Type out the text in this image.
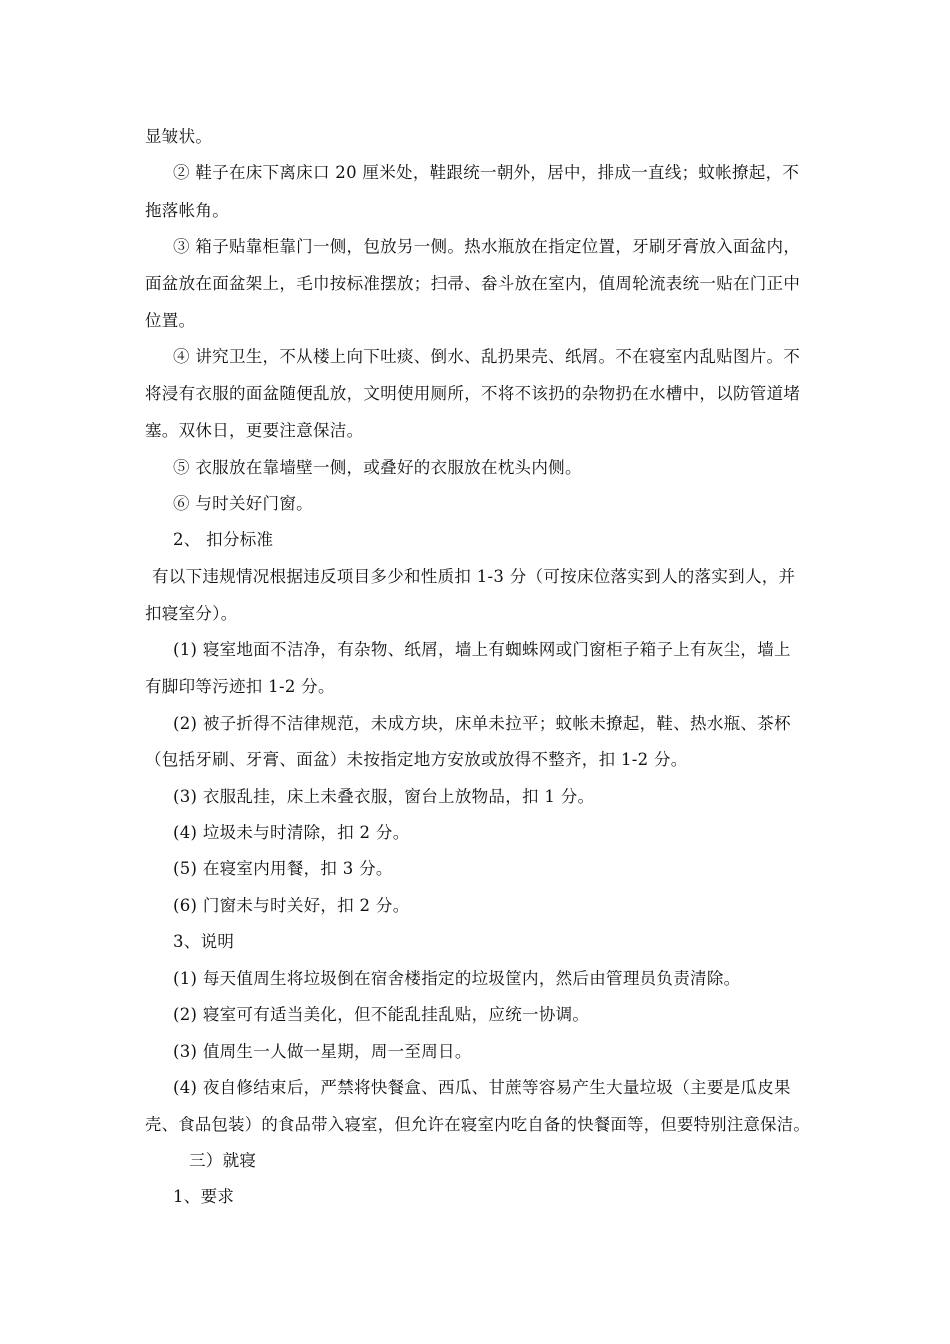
显皱状。
② 鞋子在床下离床口 20 厘米处，鞋跟统一朝外，居中，排成一直线；蚊帐撩起，不
拖落帐角。
③ 箱子贴靠柜靠门一侧，包放另一侧。热水瓶放在指定位置，牙刷牙膏放入面盆内，
面盆放在面盆架上，毛巾按标准摆放；扫帚、畚斗放在室内，值周轮流表统一贴在门正中
位置。
④ 讲究卫生，不从楼上向下吐痰、倒水、乱扔果壳、纸屑。不在寝室内乱贴图片。不
将浸有衣服的面盆随便乱放，文明使用厕所，不将不该扔的杂物扔在水槽中，以防管道堵
塞。双休日，更要注意保洁。
⑤ 衣服放在靠墙壁一侧，或叠好的衣服放在枕头内侧。
⑥ 与时关好门窗。
2、 扣分标准
有以下违规情况根据违反项目多少和性质扣 1-3 分（可按床位落实到人的落实到人，并
扣寝室分）。
(1) 寝室地面不洁净，有杂物、纸屑，墙上有蜘蛛网或门窗柜子箱子上有灰尘，墙上
有脚印等污迹扣 1-2 分。
(2) 被子折得不洁律规范，未成方块，床单未拉平；蚊帐未撩起，鞋、热水瓶、茶杯
（包括牙刷、牙膏、面盆）未按指定地方安放或放得不整齐，扣 1-2 分。
(3) 衣服乱挂，床上未叠衣服，窗台上放物品，扣 1 分。
(4) 垃圾未与时清除，扣 2 分。
(5) 在寝室内用餐，扣 3 分。
(6) 门窗未与时关好，扣 2 分。
3、说明
(1) 每天值周生将垃圾倒在宿舍楼指定的垃圾筐内，然后由管理员负责清除。
(2) 寝室可有适当美化，但不能乱挂乱贴，应统一协调。
(3) 值周生一人做一星期，周一至周日。
(4) 夜自修结束后，严禁将快餐盒、西瓜、甘蔗等容易产生大量垃圾（主要是瓜皮果
壳、食品包装）的食品带入寝室，但允许在寝室内吃自备的快餐面等，但要特别注意保洁。
三）就寝
1、要求
